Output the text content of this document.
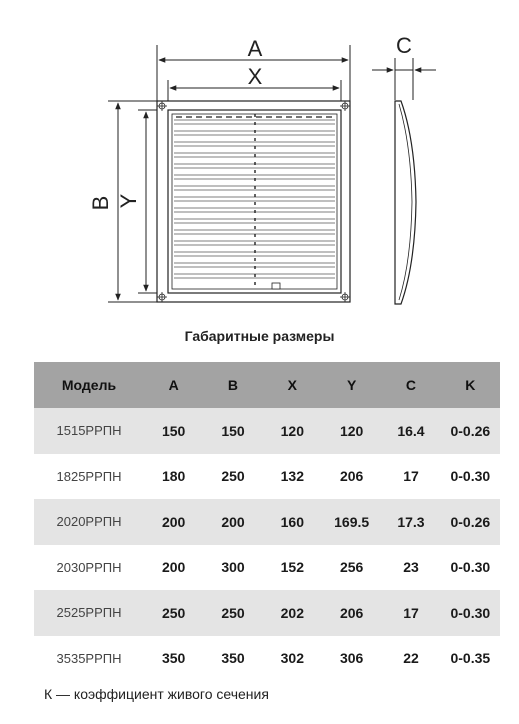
A
X
B Y
C
Габаритные размеры
Модель	A	B	X	Y	C	K
1515РРПН	150	150	120	120	16.4	0-0.26
1825РРПН	180	250	132	206	17	0-0.30
2020РРПН	200	200	160	169.5	17.3	0-0.26
2030РРПН	200	300	152	256	23	0-0.30
2525РРПН	250	250	202	206	17	0-0.30
3535РРПН	350	350	302	306	22	0-0.35
К — коэффициент живого сечения
